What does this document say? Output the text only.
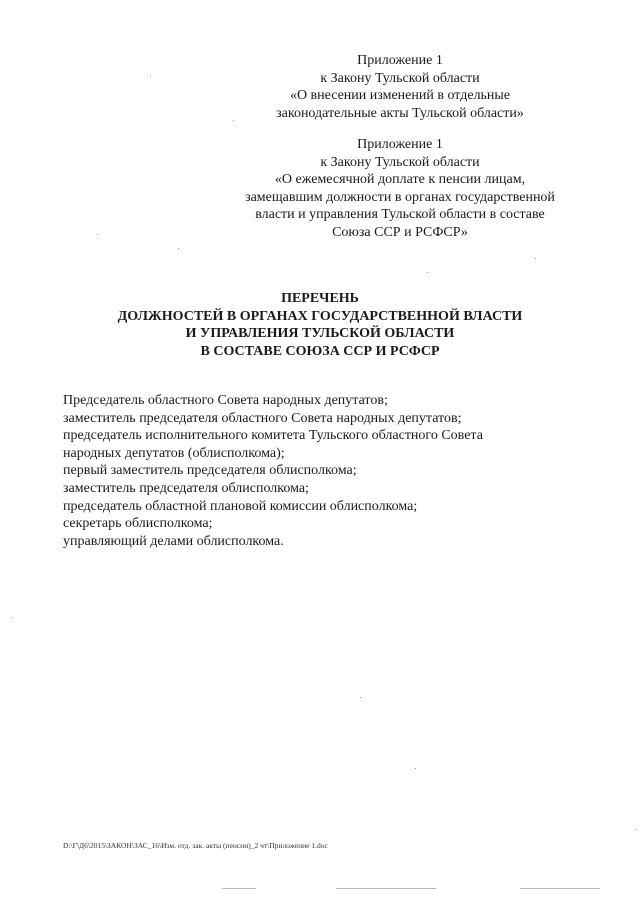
Приложение 1
к Закону Тульской области
«О внесении изменений в отдельные
законодательные акты Тульской области»
Приложение 1
к Закону Тульской области
«О ежемесячной доплате к пенсии лицам,
замещавшим должности в органах государственной
власти и управления Тульской области в составе
Союза ССР и РСФСР»
ПЕРЕЧЕНЬ
ДОЛЖНОСТЕЙ В ОРГАНАХ ГОСУДАРСТВЕННОЙ ВЛАСТИ
И УПРАВЛЕНИЯ ТУЛЬСКОЙ ОБЛАСТИ
В СОСТАВЕ СОЮЗА ССР И РСФСР
Председатель областного Совета народных депутатов;
заместитель председателя областного Совета народных депутатов;
председатель исполнительного комитета Тульского областного Совета
народных депутатов (облисполкома);
первый заместитель председателя облисполкома;
заместитель председателя облисполкома;
председатель областной плановой комиссии облисполкома;
секретарь облисполкома;
управляющий делами облисполкома.
D:\Г\Д6\2015\ЗАКОН\ЗАС_16\Изм. отд. зак. акты (пенсии)_2 чт\Приложение 1.doc
